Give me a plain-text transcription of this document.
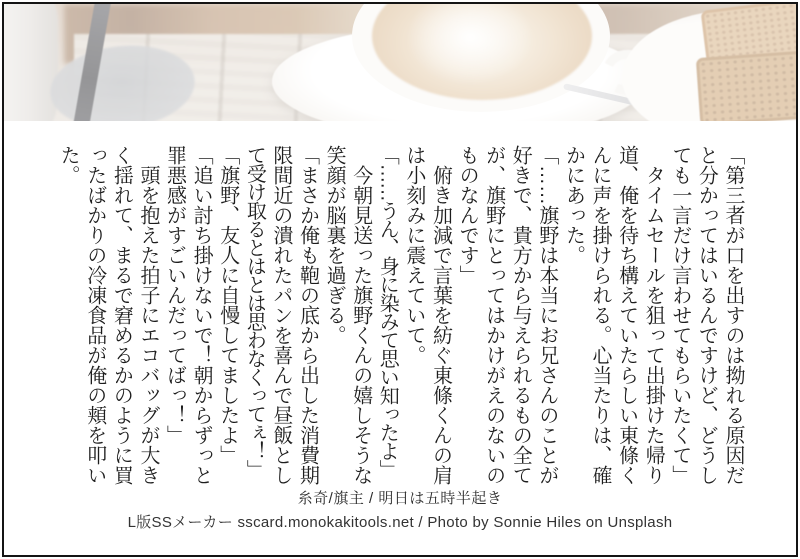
「第三者が口を出すのは拗れる原因だ

と分かってはいるんですけど、どうし

ても一言だけ言わせてもらいたくて」

　タイムセールを狙って出掛けた帰り

道、俺を待ち構えていたらしい東條く

んに声を掛けられる。心当たりは、確

かにあった。

「……旗野は本当にお兄さんのことが

好きで、貴方から与えられるもの全て

が、旗野にとってはかけがえのないの

ものなんです」

　俯き加減で言葉を紡ぐ東條くんの肩

は小刻みに震えていて。

「……うん、身に染みて思い知ったよ」

　今朝見送った旗野くんの嬉しそうな

笑顔が脳裏を過ぎる。

「まさか俺も鞄の底から出した消費期

限間近の潰れたパンを喜んで昼飯とし

て受け取るとはとは思わなくってぇ！」

「旗野、友人に自慢してましたよ」

「追い討ち掛けないで！朝からずっと

罪悪感がすごいんだってばっ！」

　頭を抱えた拍子にエコバッグが大き

く揺れて、まるで窘めるかのように買

ったばかりの冷凍食品が俺の頬を叩い

た。

糸奇/旗主 / 明日は五時半起き

L版SSメーカー sscard.monokakitools.net / Photo by Sonnie Hiles on Unsplash
